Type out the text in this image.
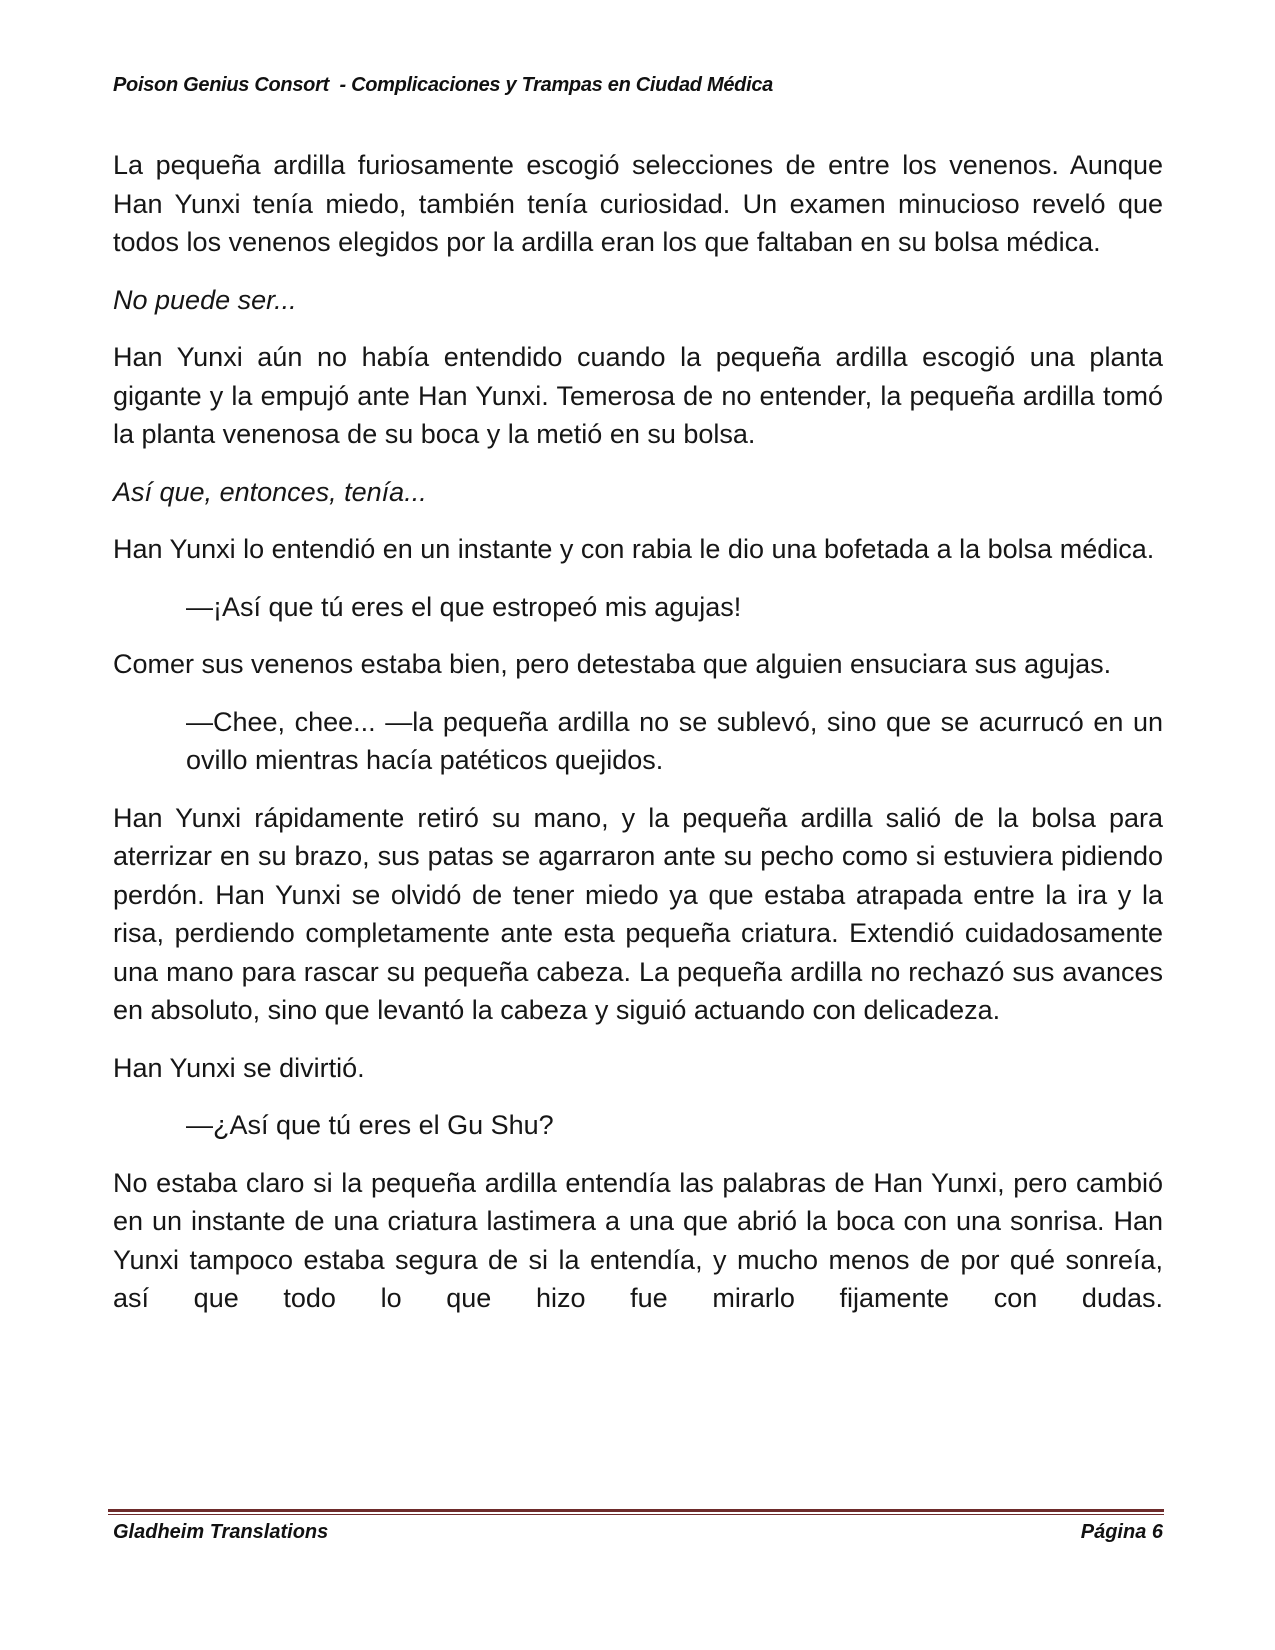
Poison Genius Consort  - Complicaciones y Trampas en Ciudad Médica

La pequeña ardilla furiosamente escogió selecciones de entre los venenos. Aunque Han Yunxi tenía miedo, también tenía curiosidad. Un examen minucioso reveló que todos los venenos elegidos por la ardilla eran los que faltaban en su bolsa médica.

No puede ser...

Han Yunxi aún no había entendido cuando la pequeña ardilla escogió una planta gigante y la empujó ante Han Yunxi. Temerosa de no entender, la pequeña ardilla tomó la planta venenosa de su boca y la metió en su bolsa.

Así que, entonces, tenía...

Han Yunxi lo entendió en un instante y con rabia le dio una bofetada a la bolsa médica.

—¡Así que tú eres el que estropeó mis agujas!

Comer sus venenos estaba bien, pero detestaba que alguien ensuciara sus agujas.

—Chee, chee... —la pequeña ardilla no se sublevó, sino que se acurrucó en un ovillo mientras hacía patéticos quejidos.

Han Yunxi rápidamente retiró su mano, y la pequeña ardilla salió de la bolsa para aterrizar en su brazo, sus patas se agarraron ante su pecho como si estuviera pidiendo perdón. Han Yunxi se olvidó de tener miedo ya que estaba atrapada entre la ira y la risa, perdiendo completamente ante esta pequeña criatura. Extendió cuidadosamente una mano para rascar su pequeña cabeza. La pequeña ardilla no rechazó sus avances en absoluto, sino que levantó la cabeza y siguió actuando con delicadeza.

Han Yunxi se divirtió.

—¿Así que tú eres el Gu Shu?

No estaba claro si la pequeña ardilla entendía las palabras de Han Yunxi, pero cambió en un instante de una criatura lastimera a una que abrió la boca con una sonrisa. Han Yunxi tampoco estaba segura de si la entendía, y mucho menos de por qué sonreía, así que todo lo que hizo fue mirarlo fijamente con dudas.

Gladheim Translations	Página 6
